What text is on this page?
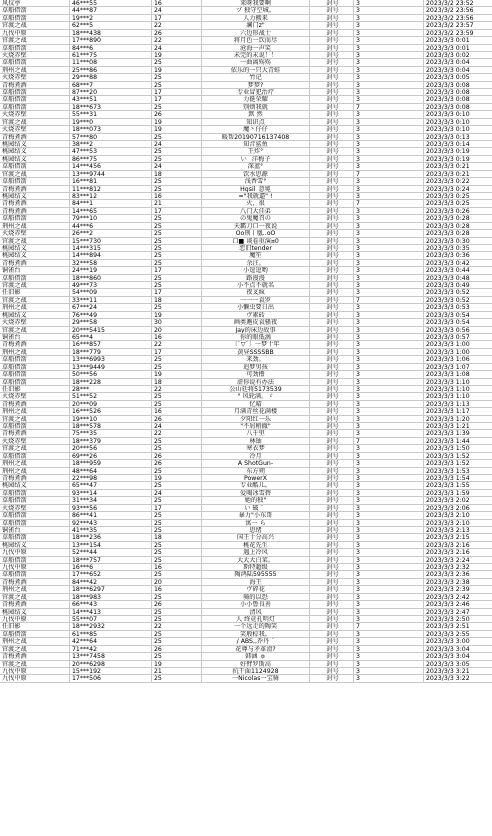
风仪亭	46***55	16	来呀我要啊	封号	3	2023/3/2 23:52
草船借箭	44***87	24	ヅ 独守空城。	封号	3	2023/3/2 23:56
草船借箭	19***2	17	人力搬来	封号	3	2023/3/2 23:56
官渡之战	62***5	22	澜门z"	封号	3	2023/3/2 23:57
九伐中原	18***438	26	六边形战士	封号	3	2023/3/2 23:59
官渡之战	17***890	22	将月色一饮而尽	封号	3	2023/3/3 0:01
草船借箭	84***6	24	沧海一声笑	封号	3	2023/3/3 0:01
火烧赤壁	61***75	19	未完的未说！！	封号	3	2023/3/3 0:02
草船借箭	11***08	25	一曲离殇殇	封号	3	2023/3/3 0:04
荆州之战	25***86	19	依乐的一只大青蛙	封号	3	2023/3/3 0:04
火烧赤壁	29***88	25	竹记	封号	3	2023/3/3 0:05
青梅煮酒	68***7	25	梦梦?	封号	3	2023/3/3 0:08
草船借箭	87***20	17	专业冒犯治疗	封号	3	2023/3/3 0:08
草船借箭	43***51	17	力挺荣耀	封号	3	2023/3/3 0:08
草船借箭	18***673	25	别烦我就	封号	7	2023/3/3 0:08
火烧赤壁	55***31	26	默 然	封号	3	2023/3/3 0:10
官渡之战	19***0	19	知识点	封号	3	2023/3/3 0:10
火烧赤壁	18***073	19	魔丶仔仔	封号	3	2023/3/3 0:10
青梅煮酒	57***80	25	暖帮20190716137408	封号	3	2023/3/3 0:13
桃园结义	38***2	24	知音鲨鱼	封号	3	2023/3/3 0:14
桃园结义	47***53	25	王炸°	封号	3	2023/3/3 0:19
桃园结义	86***75	25	い_ 洋梅子	封号	3	2023/3/3 0:19
草船借箭	14***456	24	深蓝°	封号	3	2023/3/3 0:21
官渡之战	13***9744	18	饮水思源	封号	7	2023/3/3 0:21
草船借箭	16***81	25	浅香雪°	封号	3	2023/3/3 0:22
青梅煮酒	11***812	25	Hgsil_意冕	封号	3	2023/3/3 0:24
桃园结义	83***12	16	="我就逼" !	封号	3	2023/3/3 0:25
青梅煮酒	84***1	21	火，很	封号	7	2023/3/3 0:25
青梅煮酒	14***65	17	八门大佳弟	封号	3	2023/3/3 0:26
草船借箭	79***10	25	の鬼魔召の	封号	3	2023/3/3 0:28
荆州之战	44***6	25	天霸刀口一夜说	封号	3	2023/3/3 0:28
火烧赤壁	26***2	25	Oo荆丨凰..oO	封号	3	2023/3/3 0:28
官渡之战	15***730	25	口■ 谈卷重演¤0	封号	3	2023/3/3 0:30
桃园结义	14***315	25	恋旧tender	封号	3	2023/3/3 0:35
桃园结义	14***894	25	魔笙	封号	3	2023/3/3 0:36
青梅煮酒	32***58	25	余汪。	封号	3	2023/3/3 0:42
铜雀台	24***19	17	小逗逗哟	封号	3	2023/3/3 0:44
草船借箭	18***860	25	路漫漫	封号	3	2023/3/3 0:48
官渡之战	49***73	25	小不点不就名	封号	3	2023/3/3 0:49
任旧影	54***09	17	夜叉疯	封号	3	2023/3/3 0:52
官渡之战	33***11	18	一一一袁罗	封号	7	2023/3/3 0:52
荆州之战	67***24	25	小懒虫要日出	封号	3	2023/3/3 0:53
桃园结义	76***49	19	ヴ素砖	封号	3	2023/3/3 0:54
火烧赤壁	29***58	30	画类邂皮袁骚夜	封号	3	2023/3/3 0:54
官渡之战	20***5415	20	Jay的床边故事	封号	3	2023/3/3 0:56
铜雀台	65***4	16	你的眼低滴	封号	3	2023/3/3 0:57
青梅煮酒	16***857	22	〔`▽`〕一梦十年	封号	3	2023/3/3 1:00
荆州之战	18***779	17	黄昼SSSSBB	封号	3	2023/3/3 1:00
草船借箭	13***6993	25	来劲。	封号	3	2023/3/3 1:06
草船借箭	13***9449	25	追梦男孩	封号	3	2023/3/3 1:07
草船借箭	50***56	19	可劲撸	封号	3	2023/3/3 1:08
草船借箭	18***228	18	虚你说有办法	封号	3	2023/3/3 1:10
任旧影	28***	22	公山廷将5173539	封号	3	2023/3/3 1:10
火烧赤壁	51***52	25	° 风轮满。ゞ	封号	3	2023/3/3 1:10
青梅煮酒	20***09	25	忆晴	封号	3	2023/3/3 1:13
荆州之战	16***526	16	月满青丝花满楼	封号	3	2023/3/3 1:17
官渡之战	19***10	26	夕阳红一乐	封号	3	2023/3/3 1:20
草船借箭	18***578	24	"不屑稍撤"	封号	3	2023/3/3 1:21
青梅煮酒	75***35	22	八千里	封号	3	2023/3/3 1:39
火烧赤壁	18***379	25	林铀	封号	7	2023/3/3 1:44
官渡之战	20***56	25	寒衣梦	封号	3	2023/3/3 1:50
草船借箭	69***26	26	冷月	封号	3	2023/3/3 1:52
荆州之战	18***959	26	A ShotGun-	封号	3	2023/3/3 1:52
荆州之战	48***64	25	东方朔	封号	3	2023/3/3 1:53
青梅煮酒	22***98	19	PowerX	封号	3	2023/3/3 1:54
桃园结义	65***47	25	专业酷儿。	封号	3	2023/3/3 1:55
草船借箭	93***14	24	爱喝冰雪碧	封号	3	2023/3/3 1:59
草船借箭	31***34	25	她的独"	封号	3	2023/3/3 2:02
火烧赤壁	93***56	17	い 破 ゛	封号	3	2023/3/3 2:06
草船借箭	86***41	25	暴力"小东哥	封号	3	2023/3/3 2:10
草船借箭	92***43	25	寓一 ら	封号	3	2023/3/3 2:10
铜雀台	41***35	25	思绪	封号	3	2023/3/3 2:13
草船借箭	18***236	18	国王十分高兴	封号	3	2023/3/3 2:15
桃园结义	13***154	25	桃花先生	封号	3	2023/3/3 2:16
九伐中原	52***44	25	遇上冷风	封号	3	2023/3/3 2:16
草船借箭	18***757	25	大大大白菜。	封号	3	2023/3/3 2:24
九伐中原	16***6	16	斯特超级	封号	3	2023/3/3 2:32
草船借箭	17***652	25	陶鸿陆595555	封号	3	2023/3/3 2:36
青梅煮酒	84***42	20	海王	封号	3	2023/3/3 2:38
荆州之战	18***6297	16	ヴ碎花	封号	3	2023/3/3 2:39
官渡之战	18***983	25	骑的以恐	封号	3	2023/3/3 2:42
青梅煮酒	66***43	26	小小鲁良善	封号	3	2023/3/3 2:46
桃园结义	14***413	25	清风	封号	3	2023/3/3 2:47
九伐中原	55***07	25	人 终竟孔明灯	封号	3	2023/3/3 2:50
任旧影	18***2932	22	一个远走的陶笑	封号	7	2023/3/3 2:51
草船借箭	61***85	25	笑般棕我。	封号	3	2023/3/3 2:55
荆州之战	42***64	25	/ ABS,,乔丹 ˊ	封号	3	2023/3/3 3:00
官渡之战	71***42	26	花尊与矛革滑?	封号	3	2023/3/3 3:04
青梅煮酒	13***7458	25	韩涵 ゅ	封号	3	2023/3/3 3:04
官渡之战	20***6298	19	好臂罗斯高	封号	3	2023/3/3 3:05
九伐中原	15***192	21	抗干面1124928	封号	3	2023/3/3 3:21
九伐中原	17***506	25	一Nicolas一宝骑	封号	3	2023/3/3 3:22
